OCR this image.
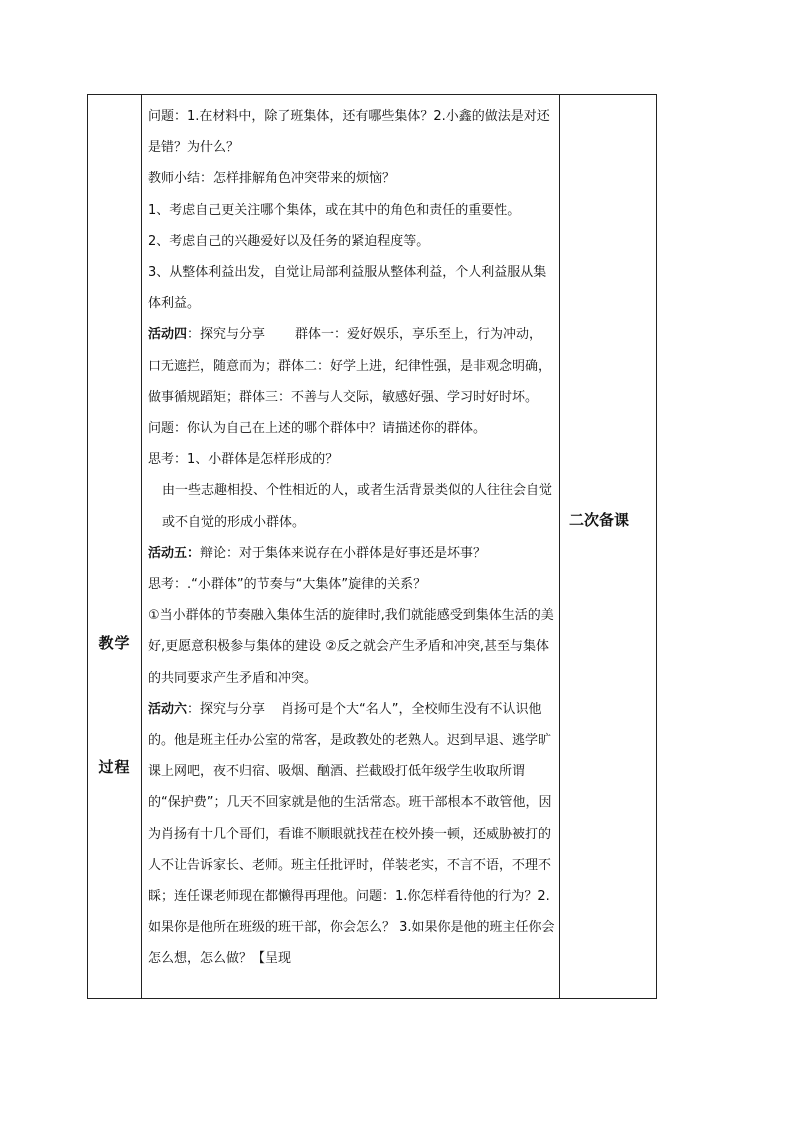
教学
过程

问题：1.在材料中，除了班集体，还有哪些集体？2.小鑫的做法是对还是错？为什么？

教师小结：怎样排解角色冲突带来的烦恼？

1、考虑自己更关注哪个集体，或在其中的角色和责任的重要性。

2、考虑自己的兴趣爱好以及任务的紧迫程度等。

3、从整体利益出发，自觉让局部利益服从整体利益，个人利益服从集体利益。

活动四：探究与分享 群体一：爱好娱乐，享乐至上，行为冲动，口无遮拦，随意而为；群体二：好学上进，纪律性强，是非观念明确，做事循规蹈矩；群体三：不善与人交际，敏感好强、学习时好时坏。

问题：你认为自己在上述的哪个群体中？请描述你的群体。

思考：1、小群体是怎样形成的？

由一些志趣相投、个性相近的人，或者生活背景类似的人往往会自觉或不自觉的形成小群体。

活动五：辩论：对于集体来说存在小群体是好事还是坏事？

思考：.“小群体”的节奏与“大集体”旋律的关系？

①当小群体的节奏融入集体生活的旋律时,我们就能感受到集体生活的美好,更愿意积极参与集体的建设 ②反之就会产生矛盾和冲突,甚至与集体的共同要求产生矛盾和冲突。

活动六：探究与分享 肖扬可是个大“名人”，全校师生没有不认识他的。他是班主任办公室的常客，是政教处的老熟人。迟到早退、逃学旷课上网吧，夜不归宿、吸烟、酗酒、拦截殴打低年级学生收取所谓的“保护费”；几天不回家就是他的生活常态。班干部根本不敢管他，因为肖扬有十几个哥们，看谁不顺眼就找茬在校外揍一顿，还威胁被打的人不让告诉家长、老师。班主任批评时，佯装老实，不言不语，不理不睬；连任课老师现在都懒得再理他。问题：1.你怎样看待他的行为？2. 如果你是他所在班级的班干部，你会怎么？ 3.如果你是他的班主任你会怎么想，怎么做？【呈现

二次备课
